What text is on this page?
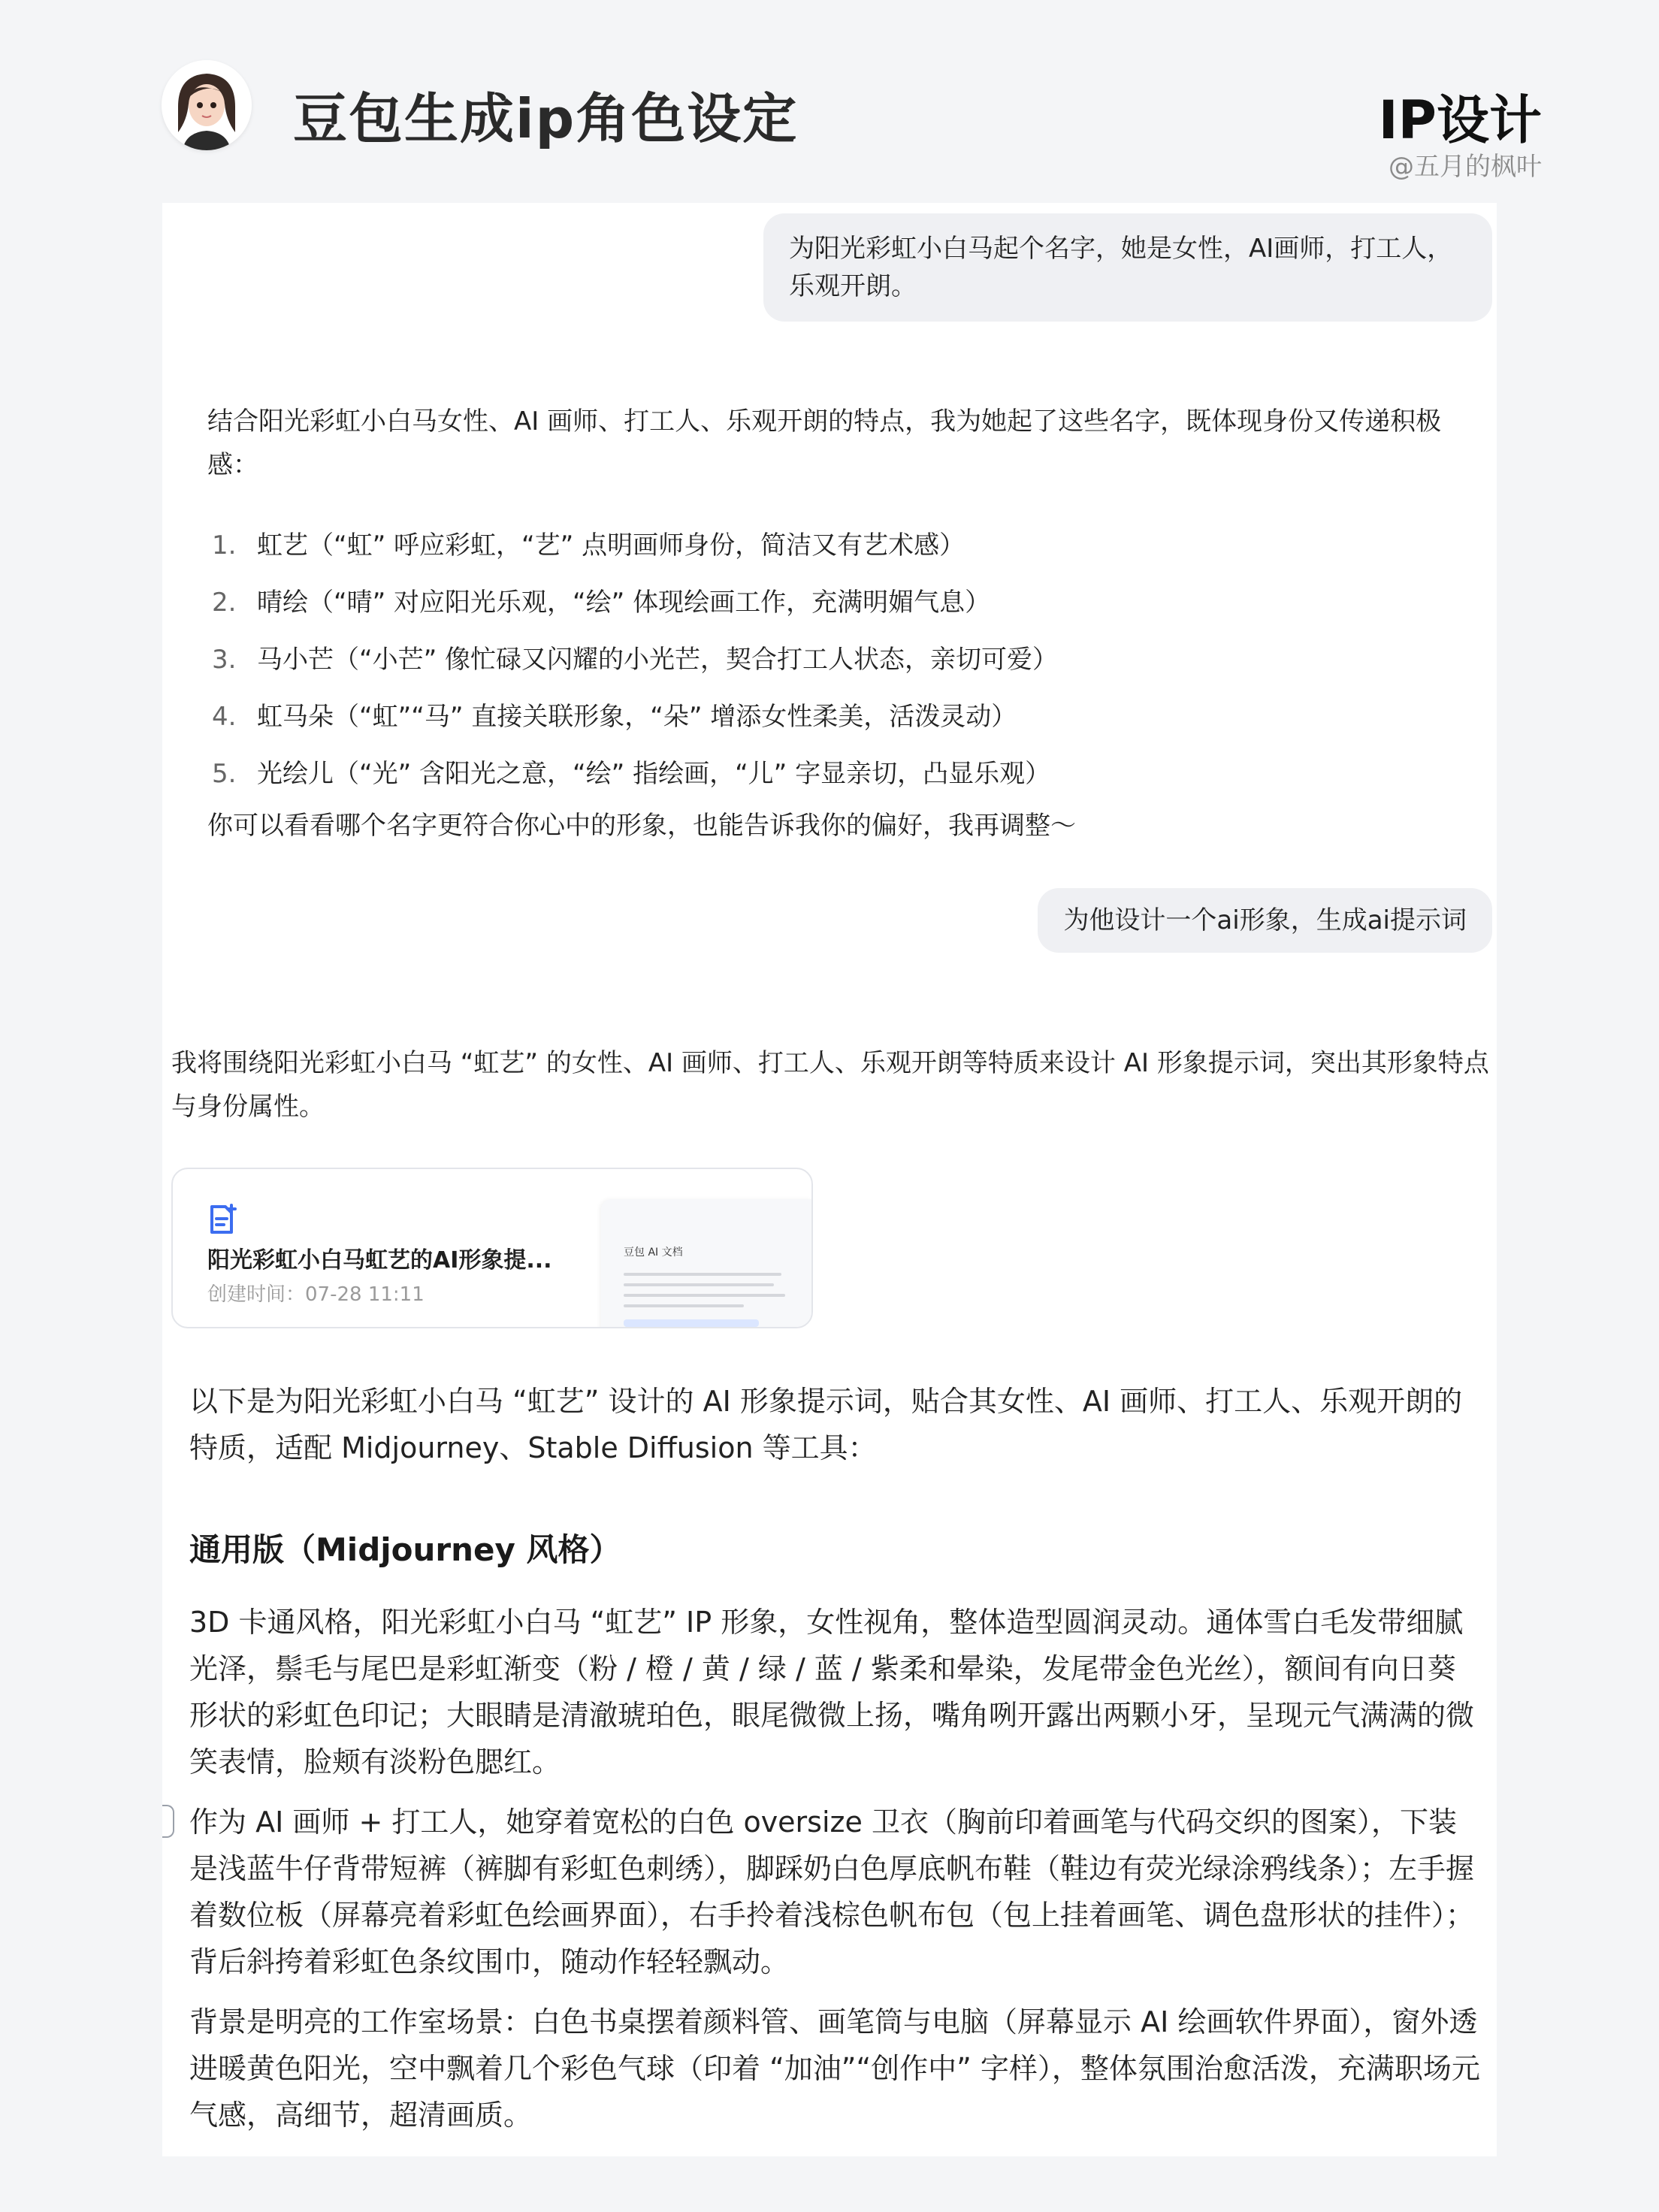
豆包生成ip角色设定	IP设计
@五月的枫叶
为阳光彩虹小白马起个名字，她是女性，AI画师，打工人，乐观开朗。
结合阳光彩虹小白马女性、AI 画师、打工人、乐观开朗的特点，我为她起了这些名字，既体现身份又传递积极感：
1. 虹艺（“虹” 呼应彩虹，“艺” 点明画师身份，简洁又有艺术感）
2. 晴绘（“晴” 对应阳光乐观，“绘” 体现绘画工作，充满明媚气息）
3. 马小芒（“小芒” 像忙碌又闪耀的小光芒，契合打工人状态，亲切可爱）
4. 虹马朵（“虹”“马” 直接关联形象，“朵” 增添女性柔美，活泼灵动）
5. 光绘儿（“光” 含阳光之意，“绘” 指绘画，“儿” 字显亲切，凸显乐观）
你可以看看哪个名字更符合你心中的形象，也能告诉我你的偏好，我再调整～
为他设计一个ai形象，生成ai提示词
我将围绕阳光彩虹小白马 “虹艺” 的女性、AI 画师、打工人、乐观开朗等特质来设计 AI 形象提示词，突出其形象特点与身份属性。
阳光彩虹小白马虹艺的AI形象提...
创建时间：07-28 11:11
豆包 AI 文档
以下是为阳光彩虹小白马 “虹艺” 设计的 AI 形象提示词，贴合其女性、AI 画师、打工人、乐观开朗的特质，适配 Midjourney、Stable Diffusion 等工具：
通用版（Midjourney 风格）
3D 卡通风格，阳光彩虹小白马 “虹艺” IP 形象，女性视角，整体造型圆润灵动。通体雪白毛发带细腻光泽，鬃毛与尾巴是彩虹渐变（粉 / 橙 / 黄 / 绿 / 蓝 / 紫柔和晕染，发尾带金色光丝），额间有向日葵形状的彩虹色印记；大眼睛是清澈琥珀色，眼尾微微上扬，嘴角咧开露出两颗小牙，呈现元气满满的微笑表情，脸颊有淡粉色腮红。
作为 AI 画师 + 打工人，她穿着宽松的白色 oversize 卫衣（胸前印着画笔与代码交织的图案），下装是浅蓝牛仔背带短裤（裤脚有彩虹色刺绣），脚踩奶白色厚底帆布鞋（鞋边有荧光绿涂鸦线条）；左手握着数位板（屏幕亮着彩虹色绘画界面），右手拎着浅棕色帆布包（包上挂着画笔、调色盘形状的挂件）；背后斜挎着彩虹色条纹围巾，随动作轻轻飘动。
背景是明亮的工作室场景：白色书桌摆着颜料管、画笔筒与电脑（屏幕显示 AI 绘画软件界面），窗外透进暖黄色阳光，空中飘着几个彩色气球（印着 “加油”“创作中” 字样），整体氛围治愈活泼，充满职场元气感，高细节，超清画质。
